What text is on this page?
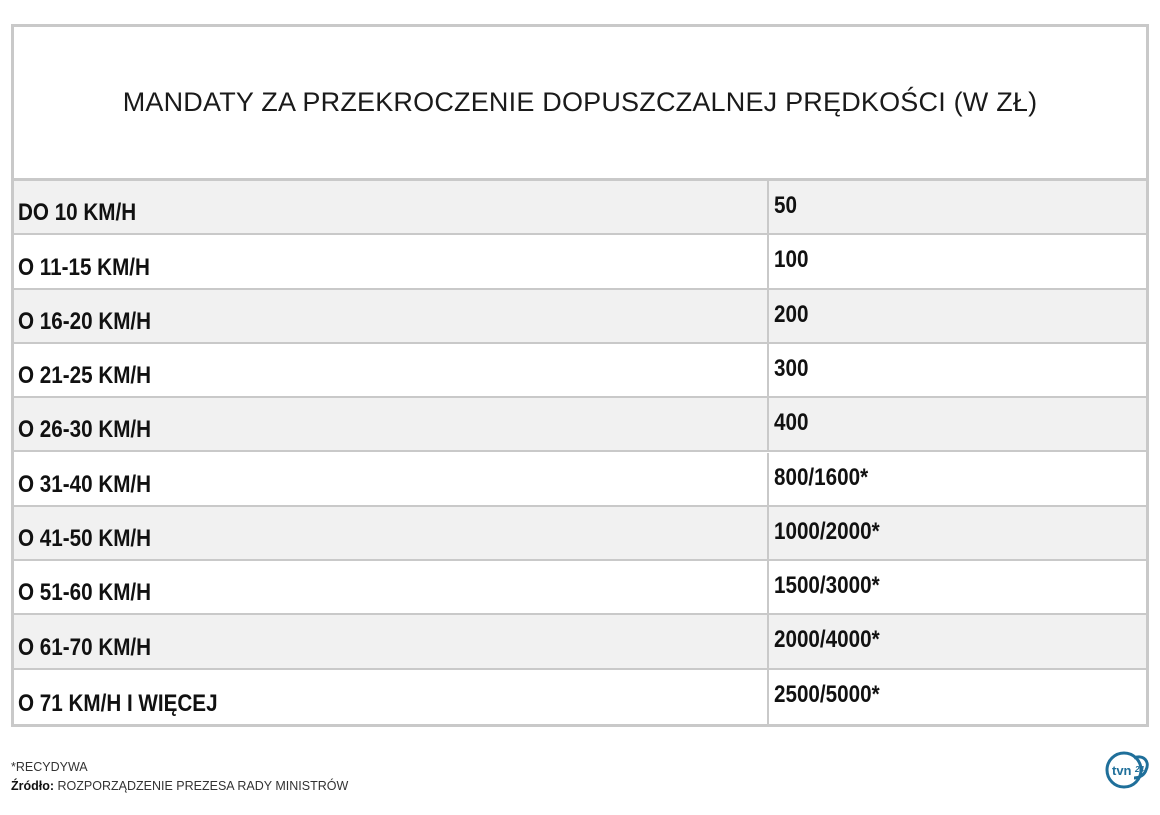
MANDATY ZA PRZEKROCZENIE DOPUSZCZALNEJ PRĘDKOŚCI (W ZŁ)
DO 10 KM/H	50
O 11-15 KM/H	100
O 16-20 KM/H	200
O 21-25 KM/H	300
O 26-30 KM/H	400
O 31-40 KM/H	800/1600*
O 41-50 KM/H	1000/2000*
O 51-60 KM/H	1500/3000*
O 61-70 KM/H	2000/4000*
O 71 KM/H I WIĘCEJ	2500/5000*
*RECYDYWA
Źródło: ROZPORZĄDZENIE PREZESA RADY MINISTRÓW
tvn 24
